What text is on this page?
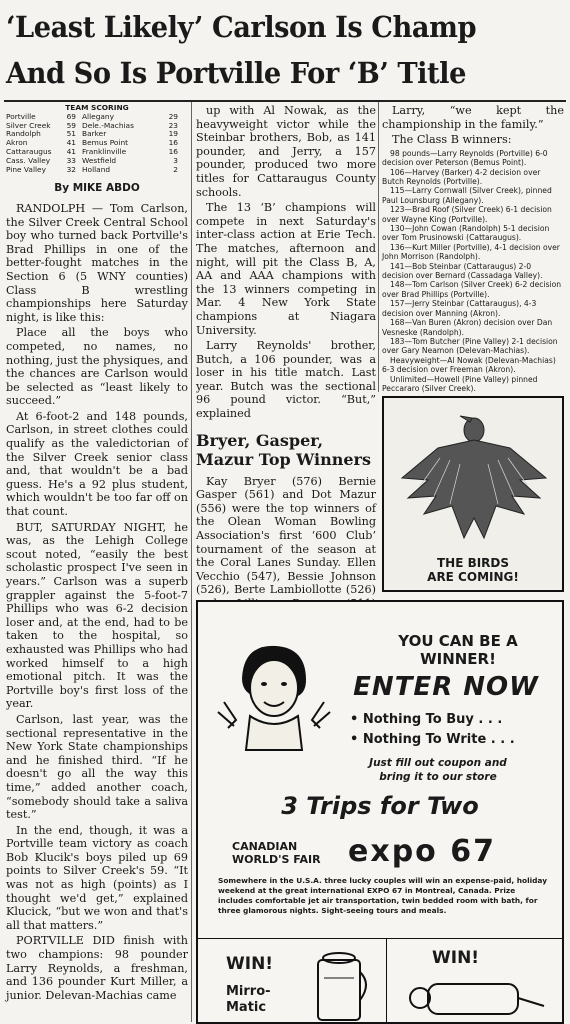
‘Least Likely’ Carlson Is Champ
And So Is Portville For ‘B’ Title
TEAM SCORING
Portville	69 Allegany	29
Silver Creek	59 Dele.-Machias	23
Randolph	51 Barker	19
Akron	41 Bemus Point	16
Cattaraugus	41 Franklinville	16
Cass. Valley	33 Westfield	3
Pine Valley	32 Holland	2
By MIKE ABDO

RANDOLPH — Tom Carlson, the Silver Creek Central School boy who turned back Portville's Brad Phillips in one of the better-fought matches in the Section 6 (5 WNY counties) Class B wrestling championships here Saturday night, is like this:

Place all the boys who competed, no names, no nothing, just the physiques, and the chances are Carlson would be selected as “least likely to succeed.”

At 6-foot-2 and 148 pounds, Carlson, in street clothes could qualify as the valedictorian of the Silver Creek senior class and, that wouldn't be a bad guess. He's a 92 plus student, which wouldn't be too far off on that count.

BUT, SATURDAY NIGHT, he was, as the Lehigh College scout noted, “easily the best scholastic prospect I've seen in years.” Carlson was a superb grappler against the 5-foot-7 Phillips who was 6-2 decision loser and, at the end, had to be taken to the hospital, so exhausted was Phillips who had worked himself to a high emotional pitch. It was the Portville boy's first loss of the year.

Carlson, last year, was the sectional representative in the New York State championships and he finished third. “If he doesn't go all the way this time,” added another coach, “somebody should take a saliva test.”

In the end, though, it was a Portville team victory as coach Bob Klucik's boys piled up 69 points to Silver Creek's 59. “It was not as high (points) as I thought we'd get,” explained Klucick, “but we won and that's all that matters.”

PORTVILLE DID finish with two champions: 98 pounder Larry Reynolds, a freshman, and 136 pounder Kurt Miller, a junior. Delevan-Machias came

up with Al Nowak, as the heavyweight victor while the Steinbar brothers, Bob, as 141 pounder, and Jerry, a 157 pounder, produced two more titles for Cattaraugus County schools.

The 13 ‘B’ champions will compete in next Saturday's inter-class action at Erie Tech. The matches, afternoon and night, will pit the Class B, A, AA and AAA champions with the 13 winners competing in Mar. 4 New York State champions at Niagara University.

Larry Reynolds' brother, Butch, a 106 pounder, was a loser in his title match. Last year. Butch was the sectional 96 pound victor. “But,” explained

Bryer, Gasper,
Mazur Top Winners

Kay Bryer (576) Bernie Gasper (561) and Dot Mazur (556) were the top winners of the Olean Woman Bowling Association's first ‘600 Club’ tournament of the season at the Coral Lanes Sunday. Ellen Vecchio (547), Bessie Johnson (526), Berte Lambiollotte (526)

Larry, “we kept the championship in the family.”

The Class B winners:

98 pounds—Larry Reynolds (Portville) 6-0 decision over Peterson (Bemus Point).
106—Harvey (Barker) 4-2 decision over Butch Reynolds (Portville).
115—Larry Cornwall (Silver Creek), pinned Paul Lounsburg (Allegany).
123—Brad Roof (Silver Creek) 6-1 decision over Wayne King (Portville).
130—John Cowan (Randolph) 5-1 decision over Tom Prusinowski (Cattaraugus).
136—Kurt Miller (Portville), 4-1 decision over John Morrison (Randolph).
141—Bob Steinbar (Cattaraugus) 2-0 decision over Bernard (Cassadaga Valley).
148—Tom Carlson (Silver Creek) 6-2 decision over Brad Phillips (Portville).
157—Jerry Steinbar (Cattaraugus), 4-3 decision over Manning (Akron).
168—Van Buren (Akron) decision over Dan Vesneske (Randolph).
183—Tom Butcher (Pine Valley) 2-1 decision over Gary Neamon (Delevan-Machias).
Heavyweight—Al Nowak (Delevan-Machias) 6-3 decision over Freeman (Akron).
Unlimited—Howell (Pine Valley) pinned Peccararo (Silver Creek).
THE BIRDS
ARE COMING!
YOU CAN BE A
WINNER!
ENTER NOW
• Nothing To Buy . . .
• Nothing To Write . . .
Just fill out coupon and
bring it to our store
3 Trips for Two
CANADIAN
WORLD'S FAIR expo 67
Somewhere in the U.S.A. three lucky couples will win an expense-paid, holiday weekend at the great international EXPO 67 in Montreal, Canada. Prize includes comfortable jet air transportation, twin bedded room with bath, for three glamorous nights. Sight-seeing tours and meals.
WIN!
Mirro-
Matic
WIN!
